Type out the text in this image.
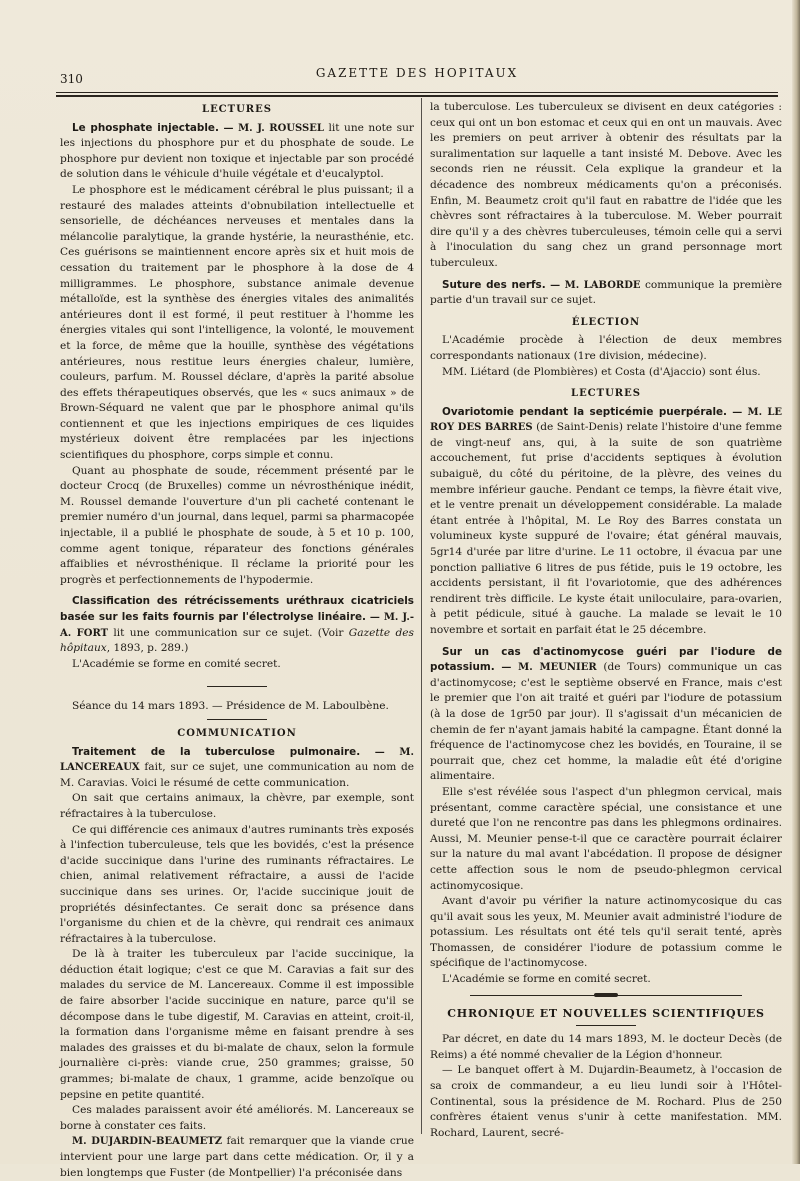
310	GAZETTE DES HOPITAUX
LECTURES

Le phosphate injectable. — M. J. ROUSSEL lit une note sur les injections du phosphore pur et du phosphate de soude. Le phosphore pur devient non toxique et injectable par son procédé de solution dans le véhicule d'huile végétale et d'eucalyptol.

Le phosphore est le médicament cérébral le plus puissant; il a restauré des malades atteints d'obnubilation intellectuelle et sensorielle, de déchéances nerveuses et mentales dans la mélancolie paralytique, la grande hystérie, la neurasthénie, etc. Ces guérisons se maintiennent encore après six et huit mois de cessation du traitement par le phosphore à la dose de 4 milligrammes. Le phosphore, substance animale devenue métalloïde, est la synthèse des énergies vitales des animalités antérieures dont il est formé, il peut restituer à l'homme les énergies vitales qui sont l'intelligence, la volonté, le mouvement et la force, de même que la houille, synthèse des végétations antérieures, nous restitue leurs énergies chaleur, lumière, couleurs, parfum. M. Roussel déclare, d'après la parité absolue des effets thérapeutiques observés, que les « sucs animaux » de Brown-Séquard ne valent que par le phosphore animal qu'ils contiennent et que les injections empiriques de ces liquides mystérieux doivent être remplacées par les injections scientifiques du phosphore, corps simple et connu.

Quant au phosphate de soude, récemment présenté par le docteur Crocq (de Bruxelles) comme un névrosthénique inédit, M. Roussel demande l'ouverture d'un pli cacheté contenant le premier numéro d'un journal, dans lequel, parmi sa pharmacopée injectable, il a publié le phosphate de soude, à 5 et 10 p. 100, comme agent tonique, réparateur des fonctions générales affaiblies et névrosthénique. Il réclame la priorité pour les progrès et perfectionnements de l'hypodermie.

Classification des rétrécissements uréthraux cicatriciels basée sur les faits fournis par l'électrolyse linéaire. — M. J.-A. FORT lit une communication sur ce sujet. (Voir Gazette des hôpitaux, 1893, p. 289.)

L'Académie se forme en comité secret.

Séance du 14 mars 1893. — Présidence de M. Laboulbène.

COMMUNICATION

Traitement de la tuberculose pulmonaire. — M. LANCEREAUX fait, sur ce sujet, une communication au nom de M. Caravias. Voici le résumé de cette communication.

On sait que certains animaux, la chèvre, par exemple, sont réfractaires à la tuberculose.

Ce qui différencie ces animaux d'autres ruminants très exposés à l'infection tuberculeuse, tels que les bovidés, c'est la présence d'acide succinique dans l'urine des ruminants réfractaires. Le chien, animal relativement réfractaire, a aussi de l'acide succinique dans ses urines. Or, l'acide succinique jouit de propriétés désinfectantes. Ce serait donc sa présence dans l'organisme du chien et de la chèvre, qui rendrait ces animaux réfractaires à la tuberculose.

De là à traiter les tuberculeux par l'acide succinique, la déduction était logique; c'est ce que M. Caravias a fait sur des malades du service de M. Lancereaux. Comme il est impossible de faire absorber l'acide succinique en nature, parce qu'il se décompose dans le tube digestif, M. Caravias en atteint, croit-il, la formation dans l'organisme même en faisant prendre à ses malades des graisses et du bi-malate de chaux, selon la formule journalière ci-près: viande crue, 250 grammes; graisse, 50 grammes; bi-malate de chaux, 1 gramme, acide benzoïque ou pepsine en petite quantité.

Ces malades paraissent avoir été améliorés. M. Lancereaux se borne à constater ces faits.

M. DUJARDIN-BEAUMETZ fait remarquer que la viande crue intervient pour une large part dans cette médication. Or, il y a bien longtemps que Fuster (de Montpellier) l'a préconisée dans

la tuberculose. Les tuberculeux se divisent en deux catégories : ceux qui ont un bon estomac et ceux qui en ont un mauvais. Avec les premiers on peut arriver à obtenir des résultats par la suralimentation sur laquelle a tant insisté M. Debove. Avec les seconds rien ne réussit. Cela explique la grandeur et la décadence des nombreux médicaments qu'on a préconisés. Enfin, M. Beaumetz croit qu'il faut en rabattre de l'idée que les chèvres sont réfractaires à la tuberculose. M. Weber pourrait dire qu'il y a des chèvres tuberculeuses, témoin celle qui a servi à l'inoculation du sang chez un grand personnage mort tuberculeux.

Suture des nerfs. — M. LABORDE communique la première partie d'un travail sur ce sujet.

ÉLECTION

L'Académie procède à l'élection de deux membres correspondants nationaux (1re division, médecine).

MM. Liétard (de Plombières) et Costa (d'Ajaccio) sont élus.

LECTURES

Ovariotomie pendant la septicémie puerpérale. — M. LE ROY DES BARRES (de Saint-Denis) relate l'histoire d'une femme de vingt-neuf ans, qui, à la suite de son quatrième accouchement, fut prise d'accidents septiques à évolution subaiguë, du côté du péritoine, de la plèvre, des veines du membre inférieur gauche. Pendant ce temps, la fièvre était vive, et le ventre prenait un développement considérable. La malade étant entrée à l'hôpital, M. Le Roy des Barres constata un volumineux kyste suppuré de l'ovaire; état général mauvais, 5gr14 d'urée par litre d'urine. Le 11 octobre, il évacua par une ponction palliative 6 litres de pus fétide, puis le 19 octobre, les accidents persistant, il fit l'ovariotomie, que des adhérences rendirent très difficile. Le kyste était uniloculaire, para-ovarien, à petit pédicule, situé à gauche. La malade se levait le 10 novembre et sortait en parfait état le 25 décembre.

Sur un cas d'actinomycose guéri par l'iodure de potassium. — M. MEUNIER (de Tours) communique un cas d'actinomycose; c'est le septième observé en France, mais c'est le premier que l'on ait traité et guéri par l'iodure de potassium (à la dose de 1gr50 par jour). Il s'agissait d'un mécanicien de chemin de fer n'ayant jamais habité la campagne. Étant donné la fréquence de l'actinomycose chez les bovidés, en Touraine, il se pourrait que, chez cet homme, la maladie eût été d'origine alimentaire.

Elle s'est révélée sous l'aspect d'un phlegmon cervical, mais présentant, comme caractère spécial, une consistance et une dureté que l'on ne rencontre pas dans les phlegmons ordinaires. Aussi, M. Meunier pense-t-il que ce caractère pourrait éclairer sur la nature du mal avant l'abcédation. Il propose de désigner cette affection sous le nom de pseudo-phlegmon cervical actinomycosique.

Avant d'avoir pu vérifier la nature actinomycosique du cas qu'il avait sous les yeux, M. Meunier avait administré l'iodure de potassium. Les résultats ont été tels qu'il serait tenté, après Thomassen, de considérer l'iodure de potassium comme le spécifique de l'actinomycose.

L'Académie se forme en comité secret.

CHRONIQUE ET NOUVELLES SCIENTIFIQUES

Par décret, en date du 14 mars 1893, M. le docteur Decès (de Reims) a été nommé chevalier de la Légion d'honneur.

— Le banquet offert à M. Dujardin-Beaumetz, à l'occasion de sa croix de commandeur, a eu lieu lundi soir à l'Hôtel-Continental, sous la présidence de M. Rochard. Plus de 250 confrères étaient venus s'unir à cette manifestation. MM. Rochard, Laurent, secré-
